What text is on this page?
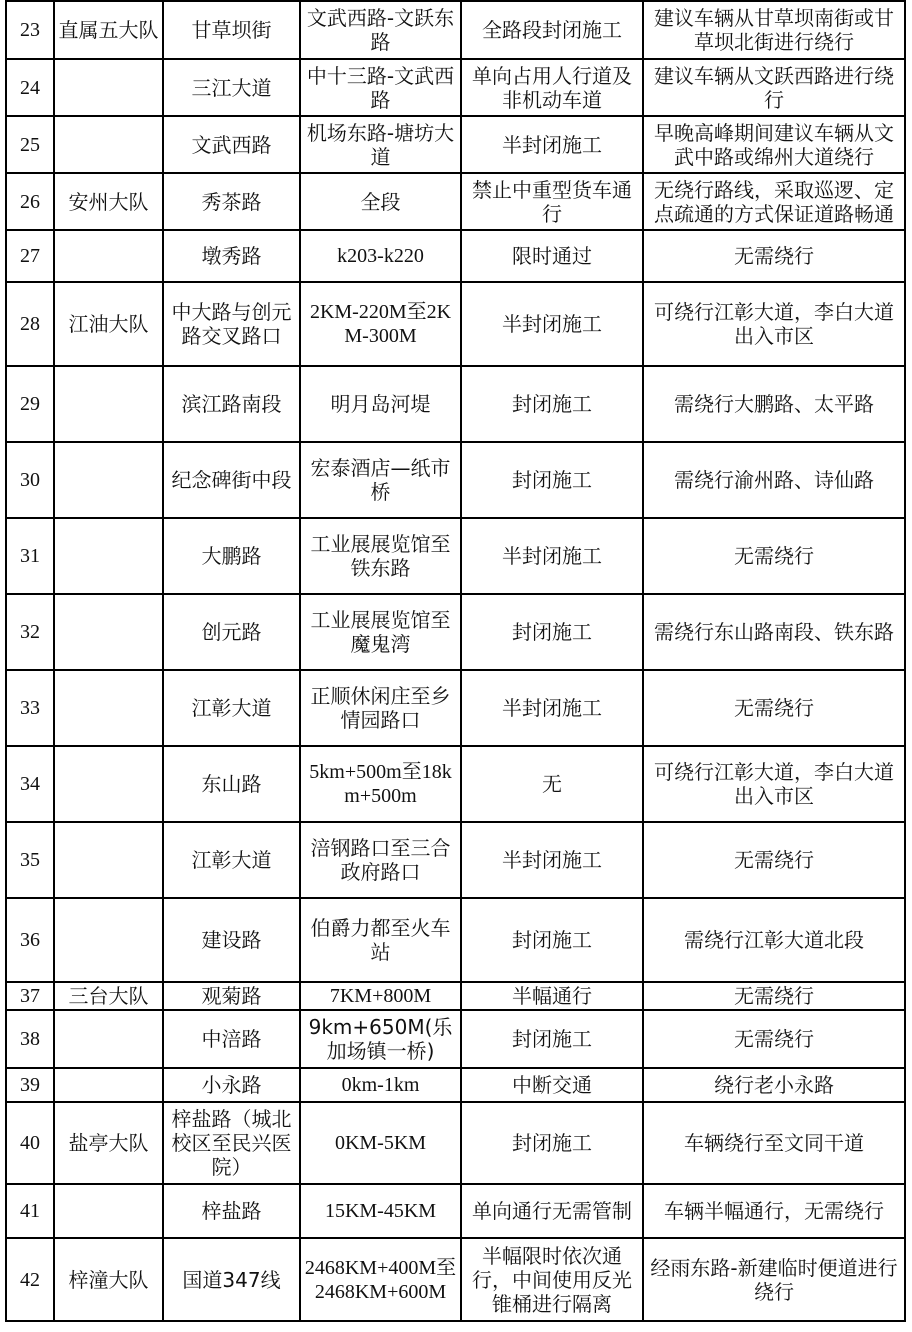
23	直属五大队	甘草坝街	文武西路-文跃东路	全路段封闭施工	建议车辆从甘草坝南街或甘草坝北街进行绕行
24		三江大道	中十三路-文武西路	单向占用人行道及非机动车道	建议车辆从文跃西路进行绕行
25		文武西路	机场东路-塘坊大道	半封闭施工	早晚高峰期间建议车辆从文武中路或绵州大道绕行
26	安州大队	秀茶路	全段	禁止中重型货车通行	无绕行路线，采取巡逻、定点疏通的方式保证道路畅通
27		墩秀路	k203-k220	限时通过	无需绕行
28	江油大队	中大路与创元路交叉路口	2KM-220M至2KM-300M	半封闭施工	可绕行江彰大道，李白大道出入市区
29		滨江路南段	明月岛河堤	封闭施工	需绕行大鹏路、太平路
30		纪念碑街中段	宏泰酒店—纸市桥	封闭施工	需绕行渝州路、诗仙路
31		大鹏路	工业展展览馆至铁东路	半封闭施工	无需绕行
32		创元路	工业展展览馆至魔鬼湾	封闭施工	需绕行东山路南段、铁东路
33		江彰大道	正顺休闲庄至乡情园路口	半封闭施工	无需绕行
34		东山路	5km+500m至18km+500m	无	可绕行江彰大道，李白大道出入市区
35		江彰大道	涪钢路口至三合政府路口	半封闭施工	无需绕行
36		建设路	伯爵力都至火车站	封闭施工	需绕行江彰大道北段
37	三台大队	观菊路	7KM+800M	半幅通行	无需绕行
38		中涪路	9km+650M(乐加场镇一桥)	封闭施工	无需绕行
39		小永路	0km-1km	中断交通	绕行老小永路
40	盐亭大队	梓盐路（城北校区至民兴医院）	0KM-5KM	封闭施工	车辆绕行至文同干道
41		梓盐路	15KM-45KM	单向通行无需管制	车辆半幅通行，无需绕行
42	梓潼大队	国道347线	2468KM+400M至2468KM+600M	半幅限时依次通行，中间使用反光锥桶进行隔离	经雨东路-新建临时便道进行绕行
